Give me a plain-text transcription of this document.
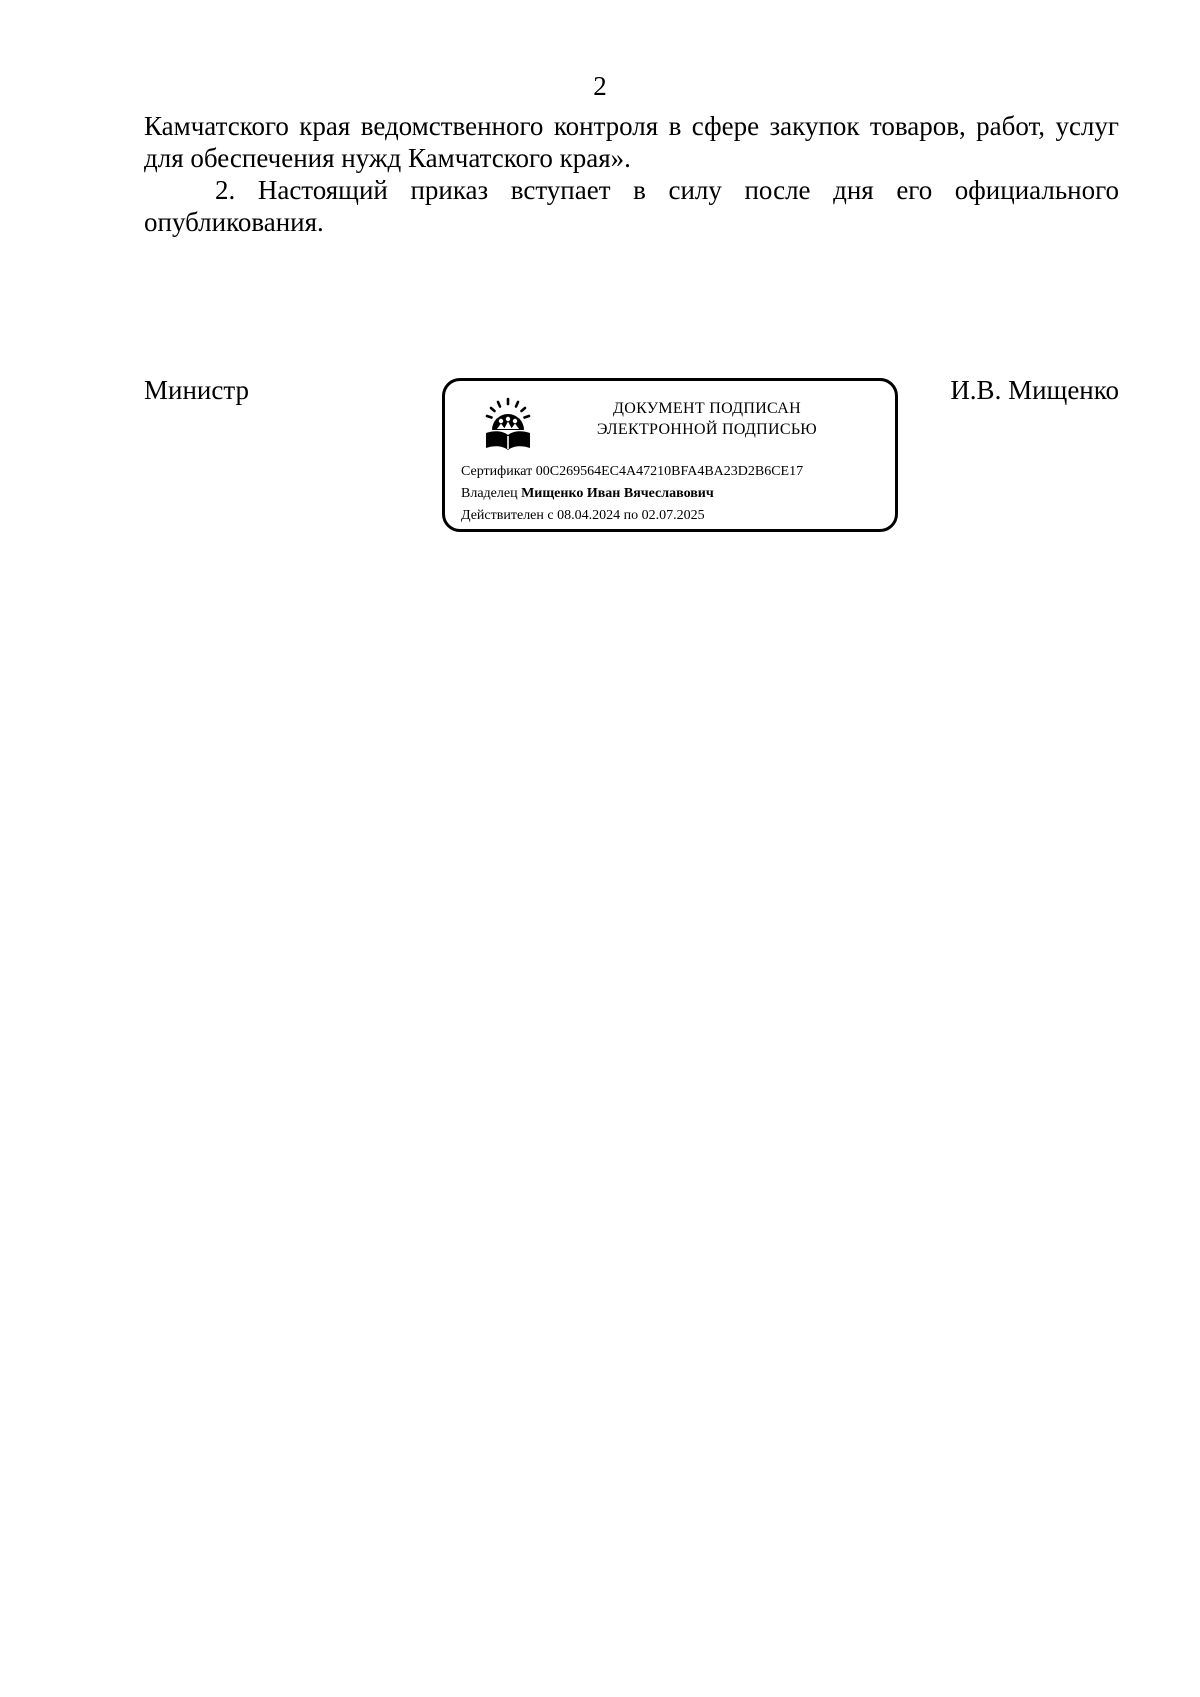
2

Камчатского края ведомственного контроля в сфере закупок товаров, работ, услуг для обеспечения нужд Камчатского края».

2. Настоящий приказ вступает в силу после дня его официального опубликования.

Министр
ДОКУМЕНТ ПОДПИСАН
ЭЛЕКТРОННОЙ ПОДПИСЬЮ
Сертификат 00C269564EC4A47210BFA4BA23D2B6CE17
Владелец Мищенко Иван Вячеславович
Действителен с 08.04.2024 по 02.07.2025
И.В. Мищенко
